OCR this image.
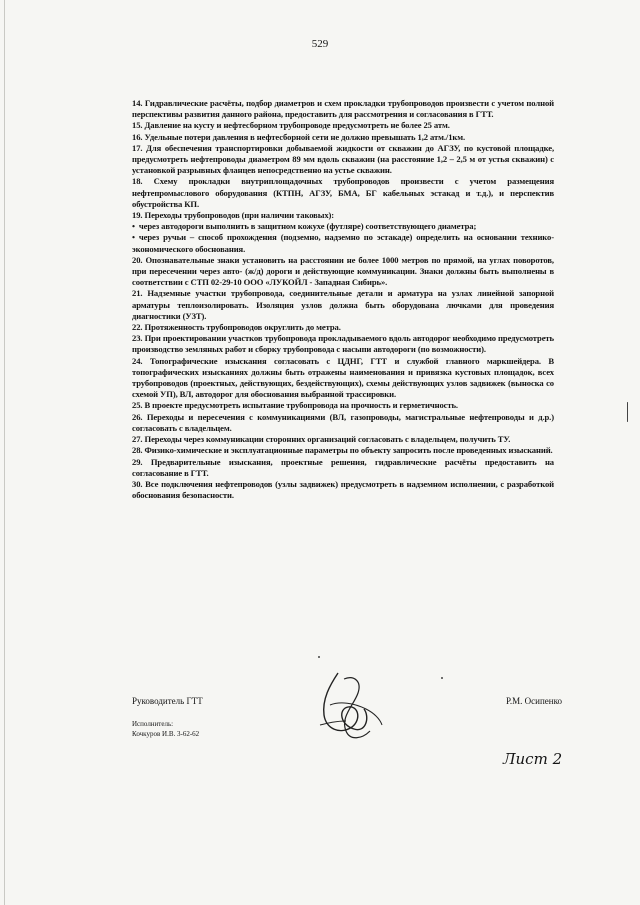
529

14. Гидравлические расчёты, подбор диаметров и схем прокладки трубопроводов произвести с учетом полной перспективы развития данного района, предоставить для рассмотрения и согласования в ГТТ.

15. Давление на кусту и нефтесборном трубопроводе предусмотреть не более 25 атм.

16. Удельные потери давления в нефтесборной сети не должно превышать 1,2 атм./1км.

17. Для обеспечения транспортировки добываемой жидкости от скважин до АГЗУ, по кустовой площадке, предусмотреть нефтепроводы диаметром 89 мм вдоль скважин (на расстояние 1,2 – 2,5 м от устья скважин) с установкой разрывных фланцев непосредственно на устье скважин.

18. Схему прокладки внутриплощадочных трубопроводов произвести с учетом размещения нефтепромыслового оборудования (КТПН, АГЗУ, БМА, БГ кабельных эстакад и т.д.), и перспектив обустройства КП.

19. Переходы трубопроводов (при наличии таковых):

• через автодороги выполнить в защитном кожухе (футляре) соответствующего диаметра;

• через ручьи – способ прохождения (подземно, надземно по эстакаде) определить на основании технико-экономического обоснования.

20. Опознавательные знаки установить на расстоянии не более 1000 метров по прямой, на углах поворотов, при пересечении через авто- (ж/д) дороги и действующие коммуникации. Знаки должны быть выполнены в соответствии с СТП 02-29-10 ООО «ЛУКОЙЛ - Западная Сибирь».

21. Надземные участки трубопровода, соединительные детали и арматура на узлах линейной запорной арматуры теплоизолировать. Изоляция узлов должна быть оборудована лючками для проведения диагностики (УЗТ).

22. Протяженность трубопроводов округлить до метра.

23. При проектировании участков трубопровода прокладываемого вдоль автодорог необходимо предусмотреть производство земляных работ и сборку трубопровода с насыпи автодороги (по возможности).

24. Топографические изыскания согласовать с ЦДНГ, ГТТ и службой главного маркшейдера. В топографических изысканиях должны быть отражены наименования и привязка кустовых площадок, всех трубопроводов (проектных, действующих, бездействующих), схемы действующих узлов задвижек (выноска со схемой УП), ВЛ, автодорог для обоснования выбранной трассировки.

25. В проекте предусмотреть испытание трубопровода на прочность и герметичность.

26. Переходы и пересечения с коммуникациями (ВЛ, газопроводы, магистральные нефтепроводы и д.р.) согласовать с владельцем.

27. Переходы через коммуникации сторонних организаций согласовать с владельцем, получить ТУ.

28. Физико-химические и эксплуатационные параметры по объекту запросить после проведенных изысканий.

29. Предварительные изыскания, проектные решения, гидравлические расчёты предоставить на согласование в ГТТ.

30. Все подключения нефтепроводов (узлы задвижек) предусмотреть в надземном исполнении, с разработкой обоснования безопасности.

Руководитель ГТТ	Р.М. Осипенко
Исполнитель:
Кочкуров И.В. 3-62-62
Лист 2
